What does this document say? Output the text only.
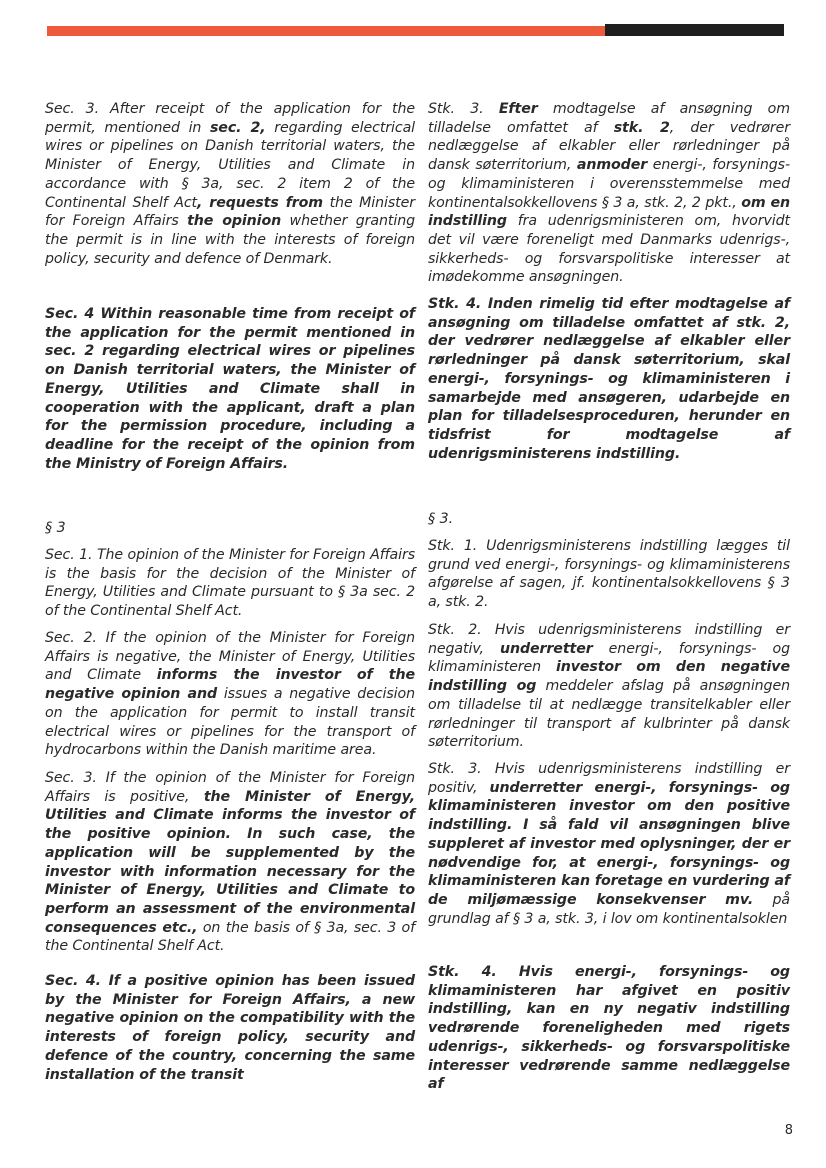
Sec. 3. After receipt of the application for the permit, mentioned in sec. 2, regarding electrical wires or pipelines on Danish territorial waters, the Minister of Energy, Utilities and Climate in accordance with § 3a, sec. 2 item 2 of the Continental Shelf Act, requests from the Minister for Foreign Affairs the opinion whether granting the permit is in line with the interests of foreign policy, security and defence of Denmark.

Sec. 4 Within reasonable time from receipt of the application for the permit mentioned in sec. 2 regarding electrical wires or pipelines on Danish territorial waters, the Minister of Energy, Utilities and Climate shall in cooperation with the applicant, draft a plan for the permission procedure, including a deadline for the receipt of the opinion from the Ministry of Foreign Affairs.

§ 3

Sec. 1. The opinion of the Minister for Foreign Affairs is the basis for the decision of the Minister of Energy, Utilities and Climate pursuant to § 3a sec. 2 of the Continental Shelf Act.

Sec. 2. If the opinion of the Minister for Foreign Affairs is negative, the Minister of Energy, Utilities and Climate informs the investor of the negative opinion and issues a negative decision on the application for permit to install transit electrical wires or pipelines for the transport of hydrocarbons within the Danish maritime area.

Sec. 3. If the opinion of the Minister for Foreign Affairs is positive, the Minister of Energy, Utilities and Climate informs the investor of the positive opinion. In such case, the application will be supplemented by the investor with information necessary for the Minister of Energy, Utilities and Climate to perform an assessment of the environmental consequences etc., on the basis of § 3a, sec. 3 of the Continental Shelf Act.

Sec. 4. If a positive opinion has been issued by the Minister for Foreign Affairs, a new negative opinion on the compatibility with the interests of foreign policy, security and defence of the country, concerning the same installation of the transit

Stk. 3. Efter modtagelse af ansøgning om tilladelse omfattet af stk. 2, der vedrører nedlæggelse af elkabler eller rørledninger på dansk søterritorium, anmoder energi-, forsynings- og klimaministeren i overensstemmelse med kontinentalsokkellovens § 3 a, stk. 2, 2 pkt., om en indstilling fra udenrigsministeren om, hvorvidt det vil være foreneligt med Danmarks udenrigs-, sikkerheds- og forsvarspolitiske interesser at imødekomme ansøgningen.

Stk. 4. Inden rimelig tid efter modtagelse af ansøgning om tilladelse omfattet af stk. 2, der vedrører nedlæggelse af elkabler eller rørledninger på dansk søterritorium, skal energi-, forsynings- og klimaministeren i samarbejde med ansøgeren, udarbejde en plan for tilladelsesproceduren, herunder en tidsfrist for modtagelse af udenrigsministerens indstilling.

§ 3.

Stk. 1. Udenrigsministerens indstilling lægges til grund ved energi-, forsynings- og klimaministerens afgørelse af sagen, jf. kontinentalsokkellovens § 3 a, stk. 2.

Stk. 2. Hvis udenrigsministerens indstilling er negativ, underretter energi-, forsynings- og klimaministeren investor om den negative indstilling og meddeler afslag på ansøgningen om tilladelse til at nedlægge transitelkabler eller rørledninger til transport af kulbrinter på dansk søterritorium.

Stk. 3. Hvis udenrigsministerens indstilling er positiv, underretter energi-, forsynings- og klimaministeren investor om den positive indstilling. I så fald vil ansøgningen blive suppleret af investor med oplysninger, der er nødvendige for, at energi-, forsynings- og klimaministeren kan foretage en vurdering af de miljømæssige konsekvenser mv. på grundlag af § 3 a, stk. 3, i lov om kontinentalsoklen

Stk. 4. Hvis energi-, forsynings- og klimaministeren har afgivet en positiv indstilling, kan en ny negativ indstilling vedrørende foreneligheden med rigets udenrigs-, sikkerheds- og forsvarspolitiske interesser vedrørende samme nedlæggelse af

8
